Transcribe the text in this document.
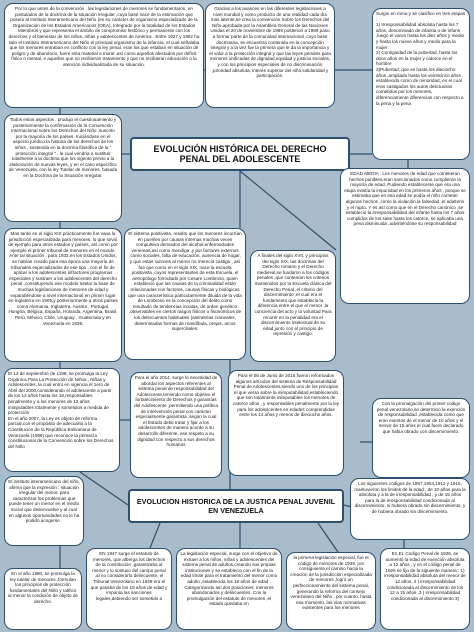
Por lo que antes de la convención , las legislaciones de menores se fundamentaron, en postulados de la doctrina de la situación irregular ,cuya base nace de la estimación que poseía al Instituto Interamericano del Niño (en su carácter de organismo especializado de la Organización de los Estados Americanos (OEA), Integrado por la totalidad de los Estados Miembros y que representa el ámbito de compromiso histórico y permanente con los derechos y el bienestar de los niños, niñas y adolescentes de América . Entre 1927 y 1962 ha sido el Instituto Interamericano del Niño el principal organismo de la infancia, el cual señalaba que los menores entraban en conflicto con la ley penal, eran los que estaban en situación de peligro y de abandono, fuere esta material o moral ,así como aquellos afectados por déficit físico o mental, e aquellos que no recibieran tratamiento y que no recibieran educación o la atención individualizada de su situación.
Gracias a los avances en las diferentes legislaciones a nivel mundial y como producto de una realidad cada día más latente,se crea la convención Sobre los Derechos del Niño,aprobada por la Asamblea General de las Naciones Unidas el 20 de noviembre de 1989 posteriori a 1989 paso a formar parte de la comunidad internacional ,cuyo base doctrinaria, se encuentra contenida en la concepción integral y a la vez fue la primera que le da la importancia y el valor a la protección integral y que las leyes penales para menores unificadas de dignidad,equidad y justicia sociales, y con los principios especiales de no discriminación ,prioridad absoluta, interés superior del niño,solidaridad y participación.
Surgio en roma y se clasifico en tres etapas :
1) Irresponsabilidad absoluta hasta los 7 años, denominado de infantia o de infans ,luego el varon hasta los diez años y medio y hasta los nueve años y medio para la mujer
2) Contiguidad de la pubertad, hasta los doce años en la mujer y catorce en el hombre
3)Pubertad, que es hasta los dieciocho años ,ampliado hasta los veinticinco años , establecido como de minoridad, en el cual eran castigados los autos delictuosos cometidos por los menores, diferenciamente diferencias con respecto a la pena y la pena
Todos estos aspectos , produjo el cuestionamiento y posteriormente la confirmación de la Convención Internacional sobre los Derechos del Niño ,suscrito por la mayoría de los países. Iniciándose en el aspecto jurídico.la historia de los derechos de los niños , sostenida en la doctrina filosófica de la " protección integral " , la cual vendría a sustituir totalmente a la doctrina que los vigente previo a la elaboración de nuevas leyes, y en el caso específico de Venezuela, con la ley Tutelar de menores, basada en la Doctrina de la Situación Irregular.
EVOLUCIÓN HISTÓRICA DEL DERECHO PENAL DEL ADOLESCENTE
Mas tarde en el siglo XIX prácticamente fue vana la jurisdicción especializada para menores, lo que sirvió de ejemplo para otros estados y países, así como por ejemplo el primer tribunal de menores en el mundo. Ante tal situación , para 1932,en los Estados Unidos, se habían creado para esa época una mayoría de tribunales especializados de ese tipo , con el fin de aplicar a los adolescentes infractores programas especiales y sustraer a los adolescentes del derecho penal ,constituyendo ese modelo tutelar la base de muchas legislaciones de menores de edad y expandiéndose a nivel internacional en primer lugar en Inglaterra en 1905,y posteriormente a otros países como Alemania, Inglaterra, Austria , Portugal, Hungría, Bélgica, España, Holanda, Argentina, Brasil, Perú, México, Chile, Uruguay , Guatemala y en Venezuela en 1939.
El sistema positivista, resalto que los menores incurrían en pueriles por causas internas muchas veces compulsiva derivados del alcohol,enfermedades venereas,así como mendiga ,y por factores externos ,como sociales, falta de educación, ausencia de hogar, y que estas razones al menor no merecía castigo , así fue que como en el siglo XIX, nace la escuela positivista ,cuyos representantes de esta Escuela, el antropólogo formulado por Cesare Lombroso, quien estableció que las causas de la criminalidad están relacionadas con factores, causas físicas y biológicas que una característica particularmente diluida de la vida de Lombroso es la concepción del delito como resultado de tendencias innatas, de orden genético ,observables en ciertos rasgos físicos o fisonómicos de los delincuentes habituales (asimetrías craneales, determinadas formas de mandíbula, orejas, arcos superciliales.
A finales del siglo XVII, y principios del siglo XIX, las doctrinas del Derecho romano y el Derecho medieval,se fundaron a los códigos penales ,que contenían los criterios mantenidos por la Escuela clásica del Derecho Penal ,el criterio del discernimiento ,el cual era el fundamento que establecía la diferencia entre el que el menor ,la conciencia del acto y la voluntad Para recurrir en la penalidad era el discernimiento intelectual de su edad,junto con el principio de represión y castigo.
EDAD MEDIA : Los menores de edad que cometieran hechos punibles,eran sancionados como cumplieran la mayoría de edad. Pudiendo establecerse que era una etapa existía la impunidad en los primeros años , porque se estimaba que en esa edad se podía el niño cometer algunos hechos ,como la violación,la falsedad ,el adulterio y el rapto. Y es así como que en el Derecho canónico ,se establecio la irresponsabilidad del infante hasta los 7 años cumplidos de los siete hasta los catorce, se aplicaba una pena disminuida ,advirtiéndose su responsabilidad
El 13 de septiembre de 1198, se promulga la Ley Orgánica Para La Protección de Niños , Niñas y Adolescentes, la cual entro en vigencia el 1ero de Abril del 2000,considerando el adolescente a partir de los 12 años hasta los 18,responsables penalmente y a los menores de 12 años inimputables totalmente y sometidos a medida de protección
En el año 2007, la Ley es objeto de reforma parcial,con el propósito de adecuarla a la Constitución de la República Bolivariana de Venezuela (1999) que reconoce la primacía constitucional de la Convención sobre los Derechos del Niño
Para el año 2014, surge la necesidad de abordar los aspectos referentes al sistema penal de responsabilidad del Adolescente,teniendo como objetivo el fortalecimiento de Derechos y garantías del Adolescente ,permitiendo una política de intervención penal con carácter especialmente garantista ,según la cual el Estado debe tratar y fijar a los adolescentes de manera acorde a su desarrollo diferente, ese respeto a su dignidad con respecto a sus derechos humanos
Para el 08 de Junio de 2015,fueron reformados algunos artículos del sistema de Responsabilidad Penal de Adolescentes,siendo uno de los principios el que versa sobre la inimputabilidad,estableciendo que son totalmente inimputables los menores de catorce años , y responsables penalmente por la ley para los adolescentes en edades comprendidas entre los 14 años y menos de dieciocho años.
Con la promulgación del primer codigo penal venezolano,se determino la exención de responsabilidad ,establecida como que eran exentos de el menor de 10 años y el menor de 15 años el cual fuere declarado que habia obrado con discernimiento.
El instituto interamericano del niño, afirma que la expresión : situación irregular del menor, para caracterizar los problemas que puede tener un menor en el medio social que desenvuelve y al cual en algunos oportunidades no le ha podido acogerse .
EVOLUCION HISTORICA DE LA JUSTICA PENAL JUVENIL EN VENEZUELA
Los siguientes codigos de 1897,1904,1912 y 1915, mantuvieron los limites de la edad , de 10 años para la absoluta y a la de irresponsabilidad , y de 15 años para la de irresponsabilidad condicionada al discernimiento, si hubiera obrado sin discernimiento, y de hubiera obrado sin discernimiento.
En el año 1980, se promulga la ley tutelar de menores ,formulan los principios de protección fundamentales del Niño y ratifico al menor la condición de objeto de derecho.
EN 1947 surge el estatuto de menores, que alberga los derechos de la constitución ,garantizaba al menor y lo sostuvo del campo penal ,al no considerarlo delincuente, el Tribunal Venezolano en 1949 era el que pasaba de los 18 años de edad y imponía las sanciones legales,debiendo ser sometido a
La legislación especial, surge con el objetivo de extraer a los niños, niñas y adolescentes del sistema penal de adultos,creando sus propias instituciones y se establecio con el fin de la edad límite para el tratamiento del menor como adulto ,establecida los 18 años de edad . Categorizando así,dos posiciones: menores abandonados y delincuentes. Con la promulgación del estatuto de menores ,el estado quedaba en
la primera legislación especial, fue el código de menores de 1939, por consiguiente,el camino hacia la creación de la jurisdicción especializada de menores ,logró un perfeccionamiento del sistema penal, generando la reforma del consejo venezolano del Niño , por cuanto, hasta esa momento, las vías normativas existentes para los menores
En EL Codigo Penal de 1926, se aumentó la edad de exención absoluta a 12 años , y en el código penal de 1926 se fijo de la siguiente manera : 1) irresponsabilidad absoluta del menor de 12 años, 2 ) irresponsabilidad condicionada al discernimiento de los 12 a 15 años ,3 ) irresponsabilidad condicionada al discernimiento 3)
